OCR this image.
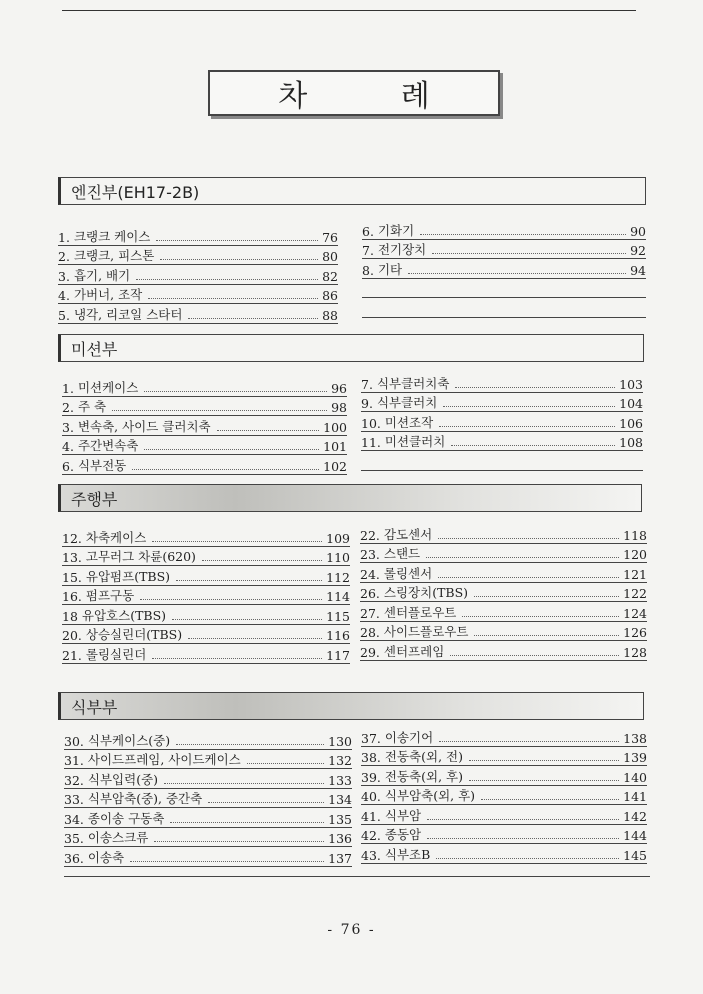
차 례
엔진부(EH17-2B)
1. 크랭크 케이스	76
2. 크랭크, 피스톤	80
3. 흡기, 배기	82
4. 가버너, 조작	86
5. 냉각, 리코일 스타터	88
6. 기화기	90
7. 전기장치	92
8. 기타	94
미션부
1. 미션케이스	96
2. 주 축	98
3. 변속축, 사이드 클러치축	100
4. 주간변속축	101
6. 식부전동	102
7. 식부클러치축	103
9. 식부클러치	104
10. 미션조작	106
11. 미션클러치	108
주행부
12. 차축케이스	109
13. 고무러그 차륜(620)	110
15. 유압펌프(TBS)	112
16. 펌프구동	114
18 유압호스(TBS)	115
20. 상승실린더(TBS)	116
21. 롤링실린더	117
22. 감도센서	118
23. 스탠드	120
24. 롤링센서	121
26. 스링장치(TBS)	122
27. 센터플로우트	124
28. 사이드플로우트	126
29. 센터프레임	128
식부부
30. 식부케이스(중)	130
31. 사이드프레임, 사이드케이스	132
32. 식부입력(중)	133
33. 식부암축(중), 중간축	134
34. 종이송 구동축	135
35. 이송스크류	136
36. 이송축	137
37. 이송기어	138
38. 전동축(외, 전)	139
39. 전동축(외, 후)	140
40. 식부암축(외, 후)	141
41. 식부암	142
42. 종동암	144
43. 식부조B	145
- 76 -
